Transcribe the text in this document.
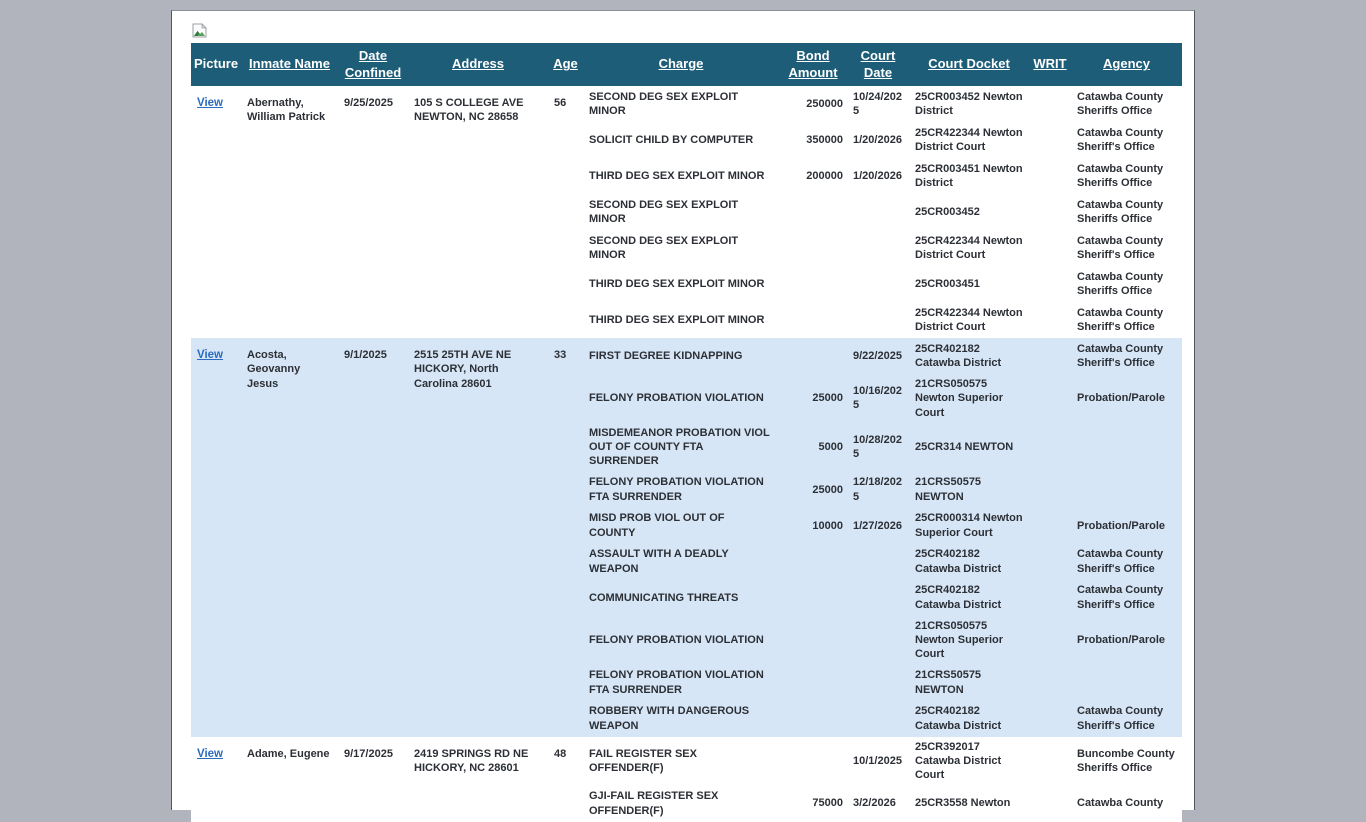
Picture	Inmate Name	Date Confined	Address	Age	Charge	Bond Amount	Court Date	Court Docket	WRIT	Agency
View	Abernathy, William Patrick	9/25/2025	105 S COLLEGE AVE NEWTON, NC 28658	56	SECOND DEG SEX EXPLOIT MINOR	250000	10/24/2025	25CR003452 Newton District		Catawba County Sheriffs Office
					SOLICIT CHILD BY COMPUTER	350000	1/20/2026	25CR422344 Newton District Court		Catawba County Sheriff's Office
					THIRD DEG SEX EXPLOIT MINOR	200000	1/20/2026	25CR003451 Newton District		Catawba County Sheriffs Office
					SECOND DEG SEX EXPLOIT MINOR			25CR003452		Catawba County Sheriffs Office
					SECOND DEG SEX EXPLOIT MINOR			25CR422344 Newton District Court		Catawba County Sheriff's Office
					THIRD DEG SEX EXPLOIT MINOR			25CR003451		Catawba County Sheriffs Office
					THIRD DEG SEX EXPLOIT MINOR			25CR422344 Newton District Court		Catawba County Sheriff's Office
View	Acosta, Geovanny Jesus	9/1/2025	2515 25TH AVE NE HICKORY, North Carolina 28601	33	FIRST DEGREE KIDNAPPING		9/22/2025	25CR402182 Catawba District		Catawba County Sheriff's Office
					FELONY PROBATION VIOLATION	25000	10/16/2025	21CRS050575 Newton Superior Court		Probation/Parole
					MISDEMEANOR PROBATION VIOL OUT OF COUNTY FTA SURRENDER	5000	10/28/2025	25CR314 NEWTON		
					FELONY PROBATION VIOLATION FTA SURRENDER	25000	12/18/2025	21CRS50575 NEWTON		
					MISD PROB VIOL OUT OF COUNTY	10000	1/27/2026	25CR000314 Newton Superior Court		Probation/Parole
					ASSAULT WITH A DEADLY WEAPON			25CR402182 Catawba District		Catawba County Sheriff's Office
					COMMUNICATING THREATS			25CR402182 Catawba District		Catawba County Sheriff's Office
					FELONY PROBATION VIOLATION			21CRS050575 Newton Superior Court		Probation/Parole
					FELONY PROBATION VIOLATION FTA SURRENDER			21CRS50575 NEWTON		
					ROBBERY WITH DANGEROUS WEAPON			25CR402182 Catawba District		Catawba County Sheriff's Office
View	Adame, Eugene	9/17/2025	2419 SPRINGS RD NE HICKORY, NC 28601	48	FAIL REGISTER SEX OFFENDER(F)		10/1/2025	25CR392017 Catawba District Court		Buncombe County Sheriffs Office
					GJI-FAIL REGISTER SEX OFFENDER(F)	75000	3/2/2026	25CR3558 Newton		Catawba County
